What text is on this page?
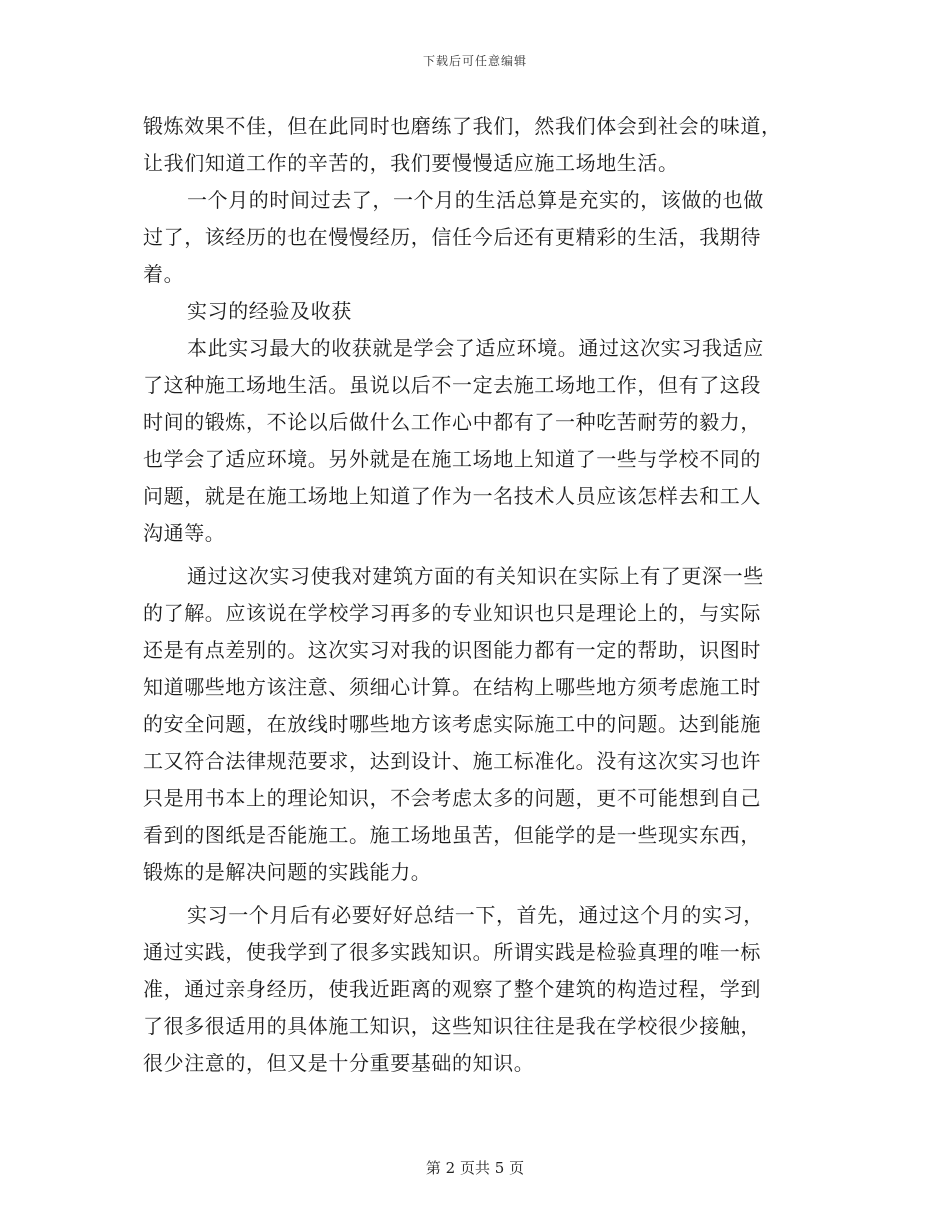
下载后可任意编辑
锻炼效果不佳，但在此同时也磨练了我们，然我们体会到社会的味道，
让我们知道工作的辛苦的，我们要慢慢适应施工场地生活。
一个月的时间过去了，一个月的生活总算是充实的，该做的也做
过了，该经历的也在慢慢经历，信任今后还有更精彩的生活，我期待
着。
实习的经验及收获
本此实习最大的收获就是学会了适应环境。通过这次实习我适应
了这种施工场地生活。虽说以后不一定去施工场地工作，但有了这段
时间的锻炼，不论以后做什么工作心中都有了一种吃苦耐劳的毅力，
也学会了适应环境。另外就是在施工场地上知道了一些与学校不同的
问题，就是在施工场地上知道了作为一名技术人员应该怎样去和工人
沟通等。
通过这次实习使我对建筑方面的有关知识在实际上有了更深一些
的了解。应该说在学校学习再多的专业知识也只是理论上的，与实际
还是有点差别的。这次实习对我的识图能力都有一定的帮助，识图时
知道哪些地方该注意、须细心计算。在结构上哪些地方须考虑施工时
的安全问题，在放线时哪些地方该考虑实际施工中的问题。达到能施
工又符合法律规范要求，达到设计、施工标准化。没有这次实习也许
只是用书本上的理论知识，不会考虑太多的问题，更不可能想到自己
看到的图纸是否能施工。施工场地虽苦，但能学的是一些现实东西，
锻炼的是解决问题的实践能力。
实习一个月后有必要好好总结一下，首先，通过这个月的实习，
通过实践，使我学到了很多实践知识。所谓实践是检验真理的唯一标
准，通过亲身经历，使我近距离的观察了整个建筑的构造过程，学到
了很多很适用的具体施工知识，这些知识往往是我在学校很少接触，
很少注意的，但又是十分重要基础的知识。
第 2 页共 5 页
